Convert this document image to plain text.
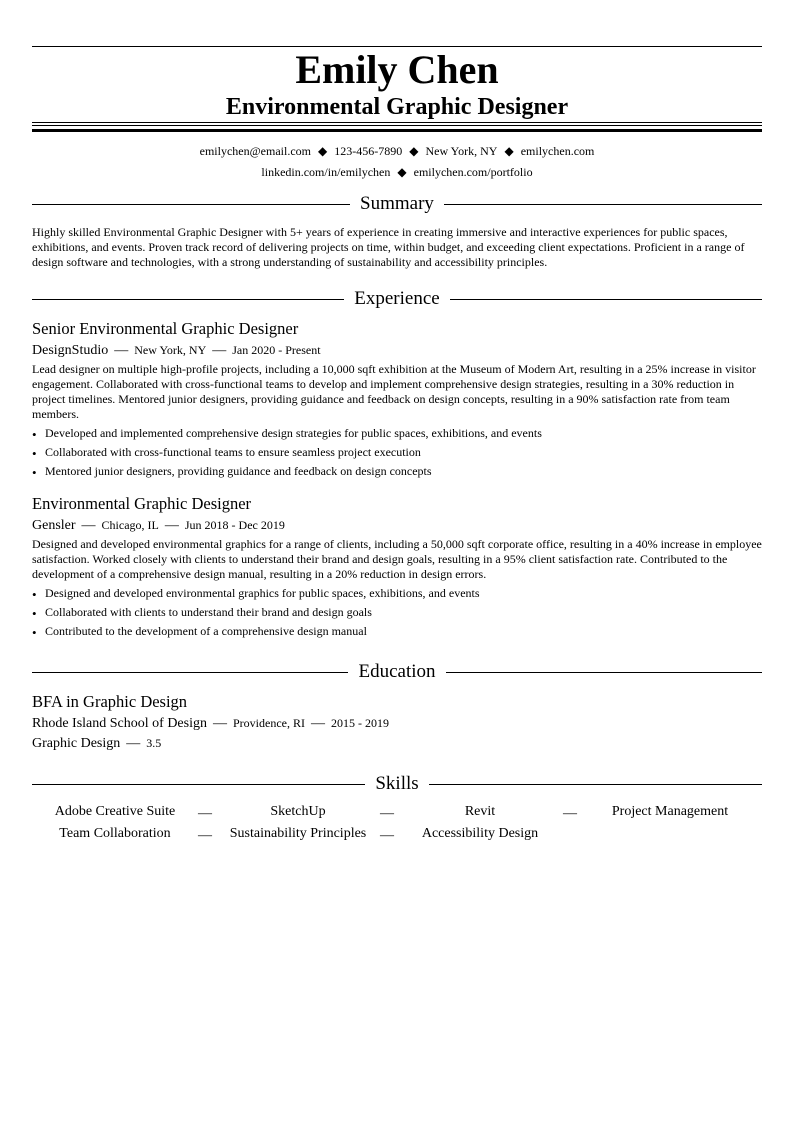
Emily Chen
Environmental Graphic Designer
emilychen@email.com ◆ 123-456-7890 ◆ New York, NY ◆ emilychen.com
linkedin.com/in/emilychen ◆ emilychen.com/portfolio
Summary
Highly skilled Environmental Graphic Designer with 5+ years of experience in creating immersive and interactive experiences for public spaces, exhibitions, and events. Proven track record of delivering projects on time, within budget, and exceeding client expectations. Proficient in a range of design software and technologies, with a strong understanding of sustainability and accessibility principles.
Experience
Senior Environmental Graphic Designer
DesignStudio — New York, NY — Jan 2020 - Present
Lead designer on multiple high-profile projects, including a 10,000 sqft exhibition at the Museum of Modern Art, resulting in a 25% increase in visitor engagement. Collaborated with cross-functional teams to develop and implement comprehensive design strategies, resulting in a 30% reduction in project timelines. Mentored junior designers, providing guidance and feedback on design concepts, resulting in a 90% satisfaction rate from team members.
• Developed and implemented comprehensive design strategies for public spaces, exhibitions, and events
• Collaborated with cross-functional teams to ensure seamless project execution
• Mentored junior designers, providing guidance and feedback on design concepts
Environmental Graphic Designer
Gensler — Chicago, IL — Jun 2018 - Dec 2019
Designed and developed environmental graphics for a range of clients, including a 50,000 sqft corporate office, resulting in a 40% increase in employee satisfaction. Worked closely with clients to understand their brand and design goals, resulting in a 95% client satisfaction rate. Contributed to the development of a comprehensive design manual, resulting in a 20% reduction in design errors.
• Designed and developed environmental graphics for public spaces, exhibitions, and events
• Collaborated with clients to understand their brand and design goals
• Contributed to the development of a comprehensive design manual
Education
BFA in Graphic Design
Rhode Island School of Design — Providence, RI — 2015 - 2019
Graphic Design — 3.5
Skills
Adobe Creative Suite	—	SketchUp	—	Revit	—	Project Management
Team Collaboration	—	Sustainability Principles —	Accessibility Design
